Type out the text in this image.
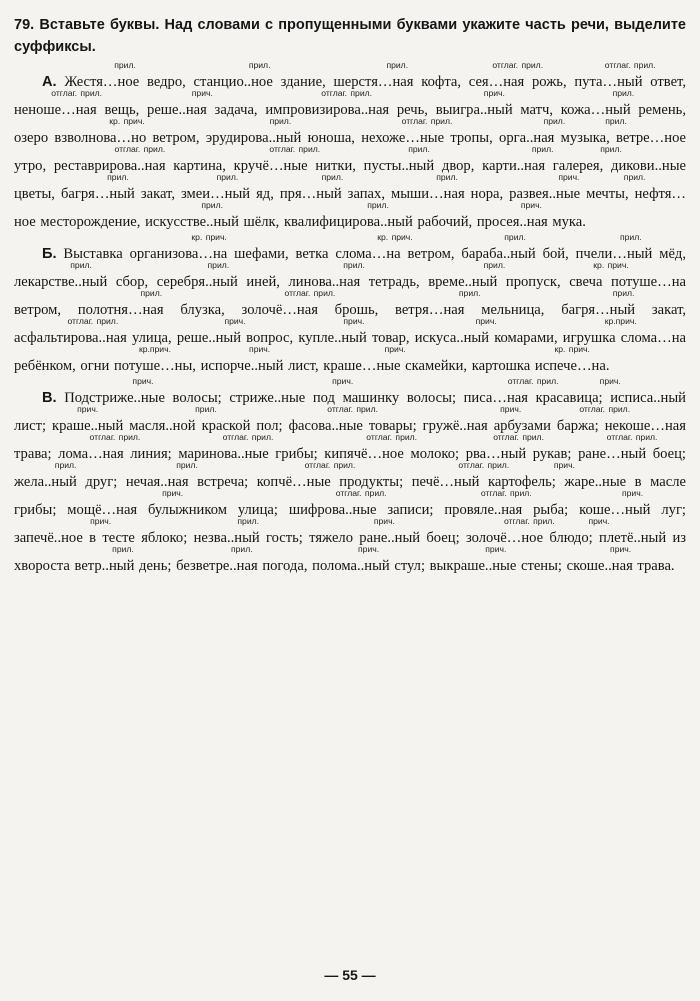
79. Вставьте буквы. Над словами с пропущенными буквами укажите часть речи, выделите суффиксы.

А.
прил.
Жестя…ное ведро,
прил.
станцио..ное здание,
прил.
шерстя…ная кофта,
отглаг. прил.
сея…ная рожь,
отглаг. прил.
пута…ный ответ,
отглаг. прил.
неноше…ная вещь,
прич.
реше..ная задача,
отглаг. прил.
импровизирова..ная речь,
прич.
выигра..ный матч,
прил.
кожа…ный ремень, озеро
кр. прич.
взволнова…но ветром,
прил.
эрудирова..ный юноша,
отглаг. прил.
нехоже…ные тропы,
прил.
орга..ная музыка,
прил.
ветре…ное утро,
отглаг. прил.
реставрирова..ная картина,
отглаг. прил.
кручё…ные нитки,
прил.
пусты..ный двор,
прил.
карти..ная галерея,
прил.
дикови..ные цветы,
прил.
багря…ный закат,
прил.
змеи…ный яд,
прил.
пря…ный запах,
прил.
мыши…ная нора,
прич.
развея..ные мечты,
прил.
нефтя…ное месторождение,
прил.
искусстве..ный шёлк,
прил.
квалифицирова..ный рабочий,
прич.
просея..ная мука.

Б. Выставка
кр. прич.
организова…на шефами, ветка
кр. прич.
слома…на ветром,
прил.
бараба..ный бой,
прил.
пчели…ный мёд,
прил.
лекарстве..ный сбор,
прил.
серебря..ный иней,
прил.
линова..ная тетрадь,
прил.
време..ный пропуск, свеча
кр. прич.
потуше…на ветром,
прил.
полотня…ная блузка,
отглаг. прил.
золочё…ная брошь,
прил.
ветря…ная мельница,
прил.
багря…ный закат,
отглаг. прил.
асфальтирова..ная улица,
прич.
реше..ный вопрос,
прич.
купле..ный товар,
прич.
искуса..ный комарами, игрушка
кр.прич.
слома…на ребёнком, огни
кр.прич.
потуше…ны,
прич.
испорче..ный лист,
прич.
краше…ные скамейки, картошка
кр. прич.
испече…на.

В.
прич.
Подстриже..ные волосы;
прич.
стриже..ные под машинку волосы;
отглаг. прил.
писа…ная красавица;
прич.
исписа..ный лист;
прич.
краше..ный
прил.
масля..ной краской пол;
отглаг. прил.
фасова..ные товары;
прич.
гружё..ная арбузами баржа;
отглаг. прил.
некоше…ная трава;
отглаг. прил.
лома…ная линия;
отглаг. прил.
маринова..ные грибы;
отглаг. прил.
кипячё…ное молоко;
отглаг. прил.
рва…ный рукав;
отглаг. прил.
ране…ный боец;
прил.
жела..ный друг;
прил.
нечая..ная встреча;
отглаг. прил.
копчё…ные продукты;
отглаг. прил.
печё…ный картофель;
прич.
жаре..ные в масле грибы;
прич.
мощё…ная булыжником улица;
отглаг. прил.
шифрова..ные записи;
отглаг. прил.
провяле..ная рыба;
прич.
коше…ный луг;
прич.
запечё..ное в тесте яблоко;
прил.
незва..ный гость;
прич.
тяжело ране..ный боец;
отглаг. прил.
золочё…ное блюдо;
прич.
плетё..ный из хвороста
прил.
ветр..ный день;
прил.
безветре..ная погода,
прич.
полома..ный стул;
прич.
выкраше..ные стены;
прич.
скоше..ная трава.

— 55 —
